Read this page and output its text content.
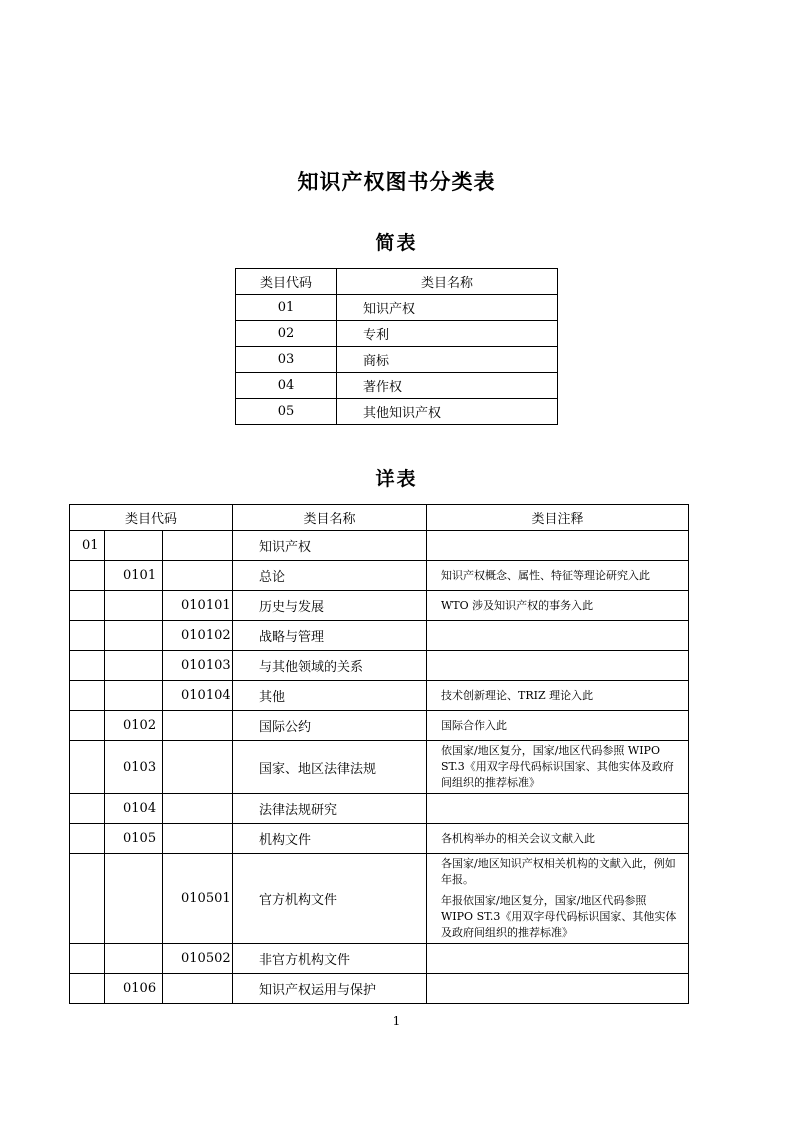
知识产权图书分类表
简表
类目代码	类目名称
01	知识产权
02	专利
03	商标
04	著作权
05	其他知识产权
详表
类目代码			类目名称	类目注释
01			知识产权	
	0101		总论	知识产权概念、属性、特征等理论研究入此

		010101	历史与发展	WTO 涉及知识产权的事务入此

		010102	战略与管理	
		010103	与其他领域的关系	
		010104	其他	技术创新理论、TRIZ 理论入此

	0102		国际公约	国际合作入此

	0103		国家、地区法律法规	依国家/地区复分，国家/地区代码参照 WIPO ST.3《用双字母代码标识国家、其他实体及政府间组织的推荐标准》

	0104		法律法规研究	
	0105		机构文件	各机构举办的相关会议文献入此

		010501	官方机构文件	各国家/地区知识产权相关机构的文献入此，例如年报。

年报依国家/地区复分，国家/地区代码参照 WIPO ST.3《用双字母代码标识国家、其他实体及政府间组织的推荐标准》

		010502	非官方机构文件	
	0106		知识产权运用与保护	
1
